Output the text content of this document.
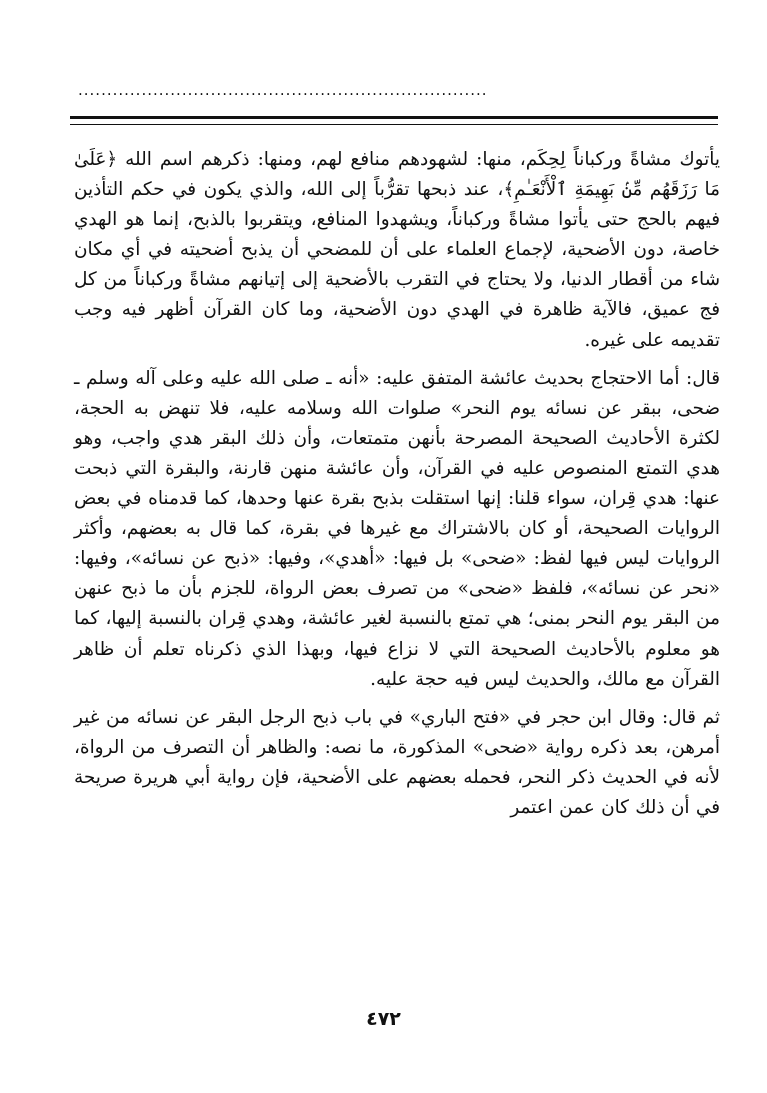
.......................................................................

يأتوك مشاةً وركباناً لِحِكَم، منها: لشهودهم منافع لهم، ومنها: ذكرهم اسم الله ﴿عَلَىٰ مَا رَزَقَهُم مِّنۢ بَهِيمَةِ ٱلْأَنْعَـٰمِ﴾، عند ذبحها تقرُّباً إلى الله، والذي يكون في حكم التأذين فيهم بالحج حتى يأتوا مشاةً وركباناً، ويشهدوا المنافع، ويتقربوا بالذبح، إنما هو الهدي خاصة، دون الأضحية، لإجماع العلماء على أن للمضحي أن يذبح أضحيته في أي مكان شاء من أقطار الدنيا، ولا يحتاج في التقرب بالأضحية إلى إتيانهم مشاةً وركباناً من كل فج عميق، فالآية ظاهرة في الهدي دون الأضحية، وما كان القرآن أظهر فيه وجب تقديمه على غيره.

قال: أما الاحتجاج بحديث عائشة المتفق عليه: «أنه ـ صلى الله عليه وعلى آله وسلم ـ ضحى، ببقر عن نسائه يوم النحر» صلوات الله وسلامه عليه، فلا تنهض به الحجة، لكثرة الأحاديث الصحيحة المصرحة بأنهن متمتعات، وأن ذلك البقر هدي واجب، وهو هدي التمتع المنصوص عليه في القرآن، وأن عائشة منهن قارنة، والبقرة التي ذبحت عنها: هدي قِران، سواء قلنا: إنها استقلت بذبح بقرة عنها وحدها، كما قدمناه في بعض الروايات الصحيحة، أو كان بالاشتراك مع غيرها في بقرة، كما قال به بعضهم، وأكثر الروايات ليس فيها لفظ: «ضحى» بل فيها: «أهدي»، وفيها: «ذبح عن نسائه»، وفيها: «نحر عن نسائه»، فلفظ «ضحى» من تصرف بعض الرواة، للجزم بأن ما ذبح عنهن من البقر يوم النحر بمنى؛ هي تمتع بالنسبة لغير عائشة، وهدي قِران بالنسبة إليها، كما هو معلوم بالأحاديث الصحيحة التي لا نزاع فيها، وبهذا الذي ذكرناه تعلم أن ظاهر القرآن مع مالك، والحديث ليس فيه حجة عليه.

ثم قال: وقال ابن حجر في «فتح الباري» في باب ذبح الرجل البقر عن نسائه من غير أمرهن، بعد ذكره رواية «ضحى» المذكورة، ما نصه: والظاهر أن التصرف من الرواة، لأنه في الحديث ذكر النحر، فحمله بعضهم على الأضحية، فإن رواية أبي هريرة صريحة في أن ذلك كان عمن اعتمر

٤٧٢
